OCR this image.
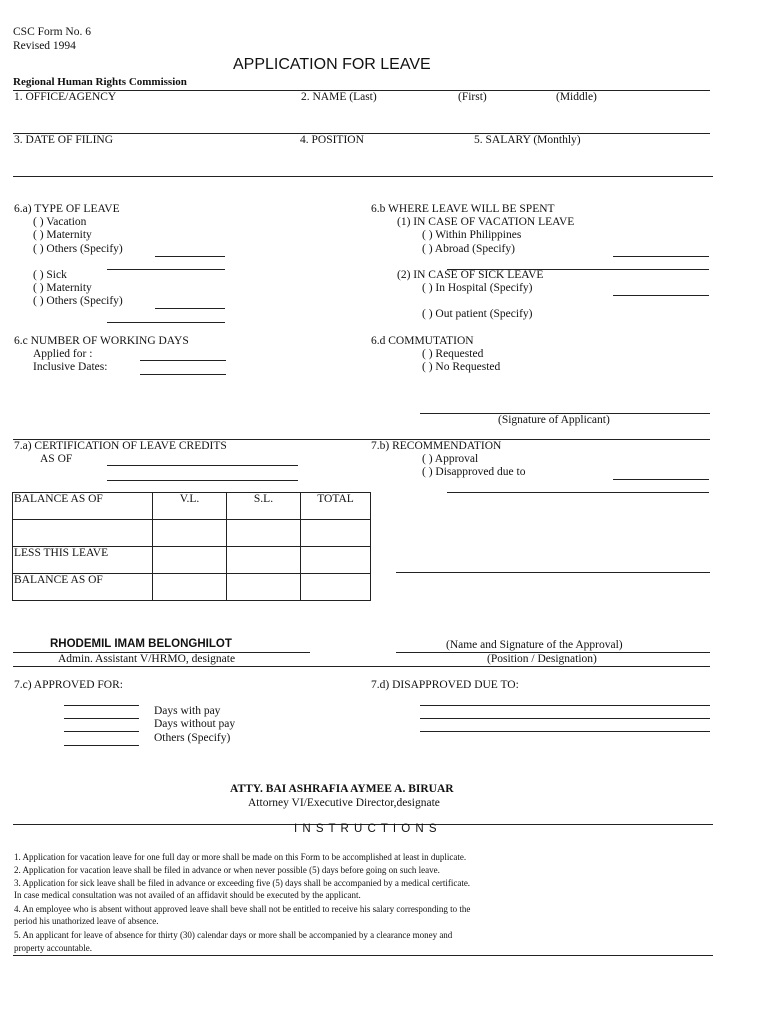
CSC Form No. 6
Revised 1994
APPLICATION FOR LEAVE
Regional Human Rights Commission
1. OFFICE/AGENCY	2. NAME (Last)	(First)	(Middle)
3. DATE OF FILING	4. POSITION	5. SALARY (Monthly)
6.a) TYPE OF LEAVE
( ) Vacation
( ) Maternity
( ) Others (Specify)
( ) Sick
( ) Maternity
( ) Others (Specify)
6.b WHERE LEAVE WILL BE SPENT
(1) IN CASE OF VACATION LEAVE
( ) Within Philippines
( ) Abroad (Specify)
(2) IN CASE OF SICK LEAVE
( ) In Hospital (Specify)
( ) Out patient (Specify)
6.c NUMBER OF WORKING DAYS
Applied for :
Inclusive Dates:
6.d COMMUTATION
( ) Requested
( ) No Requested
(Signature of Applicant)
7.a) CERTIFICATION OF LEAVE CREDITS
AS OF
BALANCE AS OF	V.L.	S.L.	TOTAL

LESS THIS LEAVE			
BALANCE AS OF			
7.b) RECOMMENDATION
( ) Approval
( ) Disapproved due to
RHODEMIL IMAM BELONGHILOT
Admin. Assistant V/HRMO, designate
(Name and Signature of the Approval)
(Position / Designation)
7.c) APPROVED FOR:
Days with pay
Days without pay
Others (Specify)
7.d) DISAPPROVED DUE TO:
ATTY. BAI ASHRAFIA AYMEE A. BIRUAR
Attorney VI/Executive Director,designate
I N S T R U C T I O N S
1. Application for vacation leave for one full day or more shall be made on this Form to be accomplished at least in duplicate.
2. Application for vacation leave shall be filed in advance or when never possible (5) days before going on such leave.
3. Application for sick leave shall be filed in advance or exceeding five (5) days shall be accompanied by a medical certificate.
In case medical consultation was not availed of an affidavit should be executed by the applicant.
4. An employee who is absent without approved leave shall beve shall not be entitled to receive his salary corresponding to the
period his unathorized leave of absence.
5. An applicant for leave of absence for thirty (30) calendar days or more shall be accompanied by a clearance money and
property accountable.
